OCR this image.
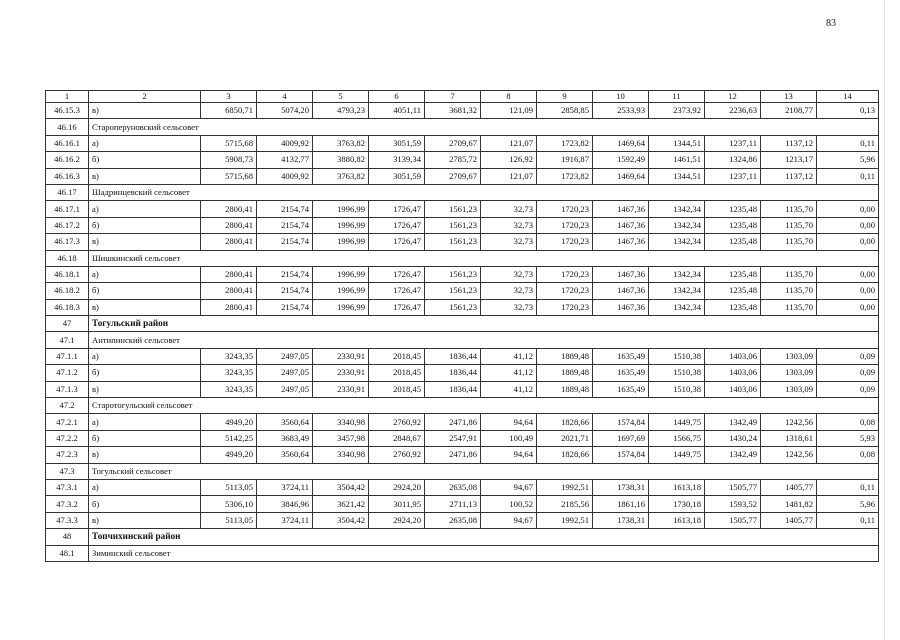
83
1	2	3	4	5	6	7	8	9	10	11	12	13	14
46.15.3	в)	6850,71	5074,20	4793,23	4051,11	3681,32	121,09	2858,85	2533,93	2373,92	2236,63	2108,77	0,13
46.16	Староперуновский сельсовет												
46.16.1	а)	5715,68	4009,92	3763,82	3051,59	2709,67	121,07	1723,82	1469,64	1344,51	1237,11	1137,12	0,11
46.16.2	б)	5908,73	4132,77	3880,82	3139,34	2785,72	126,92	1916,87	1592,49	1461,51	1324,86	1213,17	5,96
46.16.3	в)	5715,68	4009,92	3763,82	3051,59	2709,67	121,07	1723,82	1469,64	1344,51	1237,11	1137,12	0,11
46.17	Шадринцевский сельсовет												
46.17.1	а)	2800,41	2154,74	1996,99	1726,47	1561,23	32,73	1720,23	1467,36	1342,34	1235,48	1135,70	0,00
46.17.2	б)	2800,41	2154,74	1996,99	1726,47	1561,23	32,73	1720,23	1467,36	1342,34	1235,48	1135,70	0,00
46.17.3	в)	2800,41	2154,74	1996,99	1726,47	1561,23	32,73	1720,23	1467,36	1342,34	1235,48	1135,70	0,00
46.18	Шишкинский сельсовет												
46.18.1	а)	2800,41	2154,74	1996,99	1726,47	1561,23	32,73	1720,23	1467,36	1342,34	1235,48	1135,70	0,00
46.18.2	б)	2800,41	2154,74	1996,99	1726,47	1561,23	32,73	1720,23	1467,36	1342,34	1235,48	1135,70	0,00
46.18.3	в)	2800,41	2154,74	1996,99	1726,47	1561,23	32,73	1720,23	1467,36	1342,34	1235,48	1135,70	0,00
47	Тогульский район												
47.1	Антипинский сельсовет												
47.1.1	а)	3243,35	2497,05	2330,91	2018,45	1836,44	41,12	1889,48	1635,49	1510,38	1403,06	1303,09	0,09
47.1.2	б)	3243,35	2497,05	2330,91	2018,45	1836,44	41,12	1889,48	1635,49	1510,38	1403,06	1303,09	0,09
47.1.3	в)	3243,35	2497,05	2330,91	2018,45	1836,44	41,12	1889,48	1635,49	1510,38	1403,06	1303,09	0,09
47.2	Старотогульский сельсовет												
47.2.1	а)	4949,20	3560,64	3340,98	2760,92	2471,86	94,64	1828,66	1574,84	1449,75	1342,49	1242,56	0,08
47.2.2	б)	5142,25	3683,49	3457,98	2848,67	2547,91	100,49	2021,71	1697,69	1566,75	1430,24	1318,61	5,93
47.2.3	в)	4949,20	3560,64	3340,98	2760,92	2471,86	94,64	1828,66	1574,84	1449,75	1342,49	1242,56	0,08
47.3	Тогульский сельсовет												
47.3.1	а)	5113,05	3724,11	3504,42	2924,20	2635,08	94,67	1992,51	1738,31	1613,18	1505,77	1405,77	0,11
47.3.2	б)	5306,10	3846,96	3621,42	3011,95	2711,13	100,52	2185,56	1861,16	1730,18	1593,52	1481,82	5,96
47.3.3	в)	5113,05	3724,11	3504,42	2924,20	2635,08	94,67	1992,51	1738,31	1613,18	1505,77	1405,77	0,11
48	Топчихинский район												
48.1	Зиминский сельсовет												
